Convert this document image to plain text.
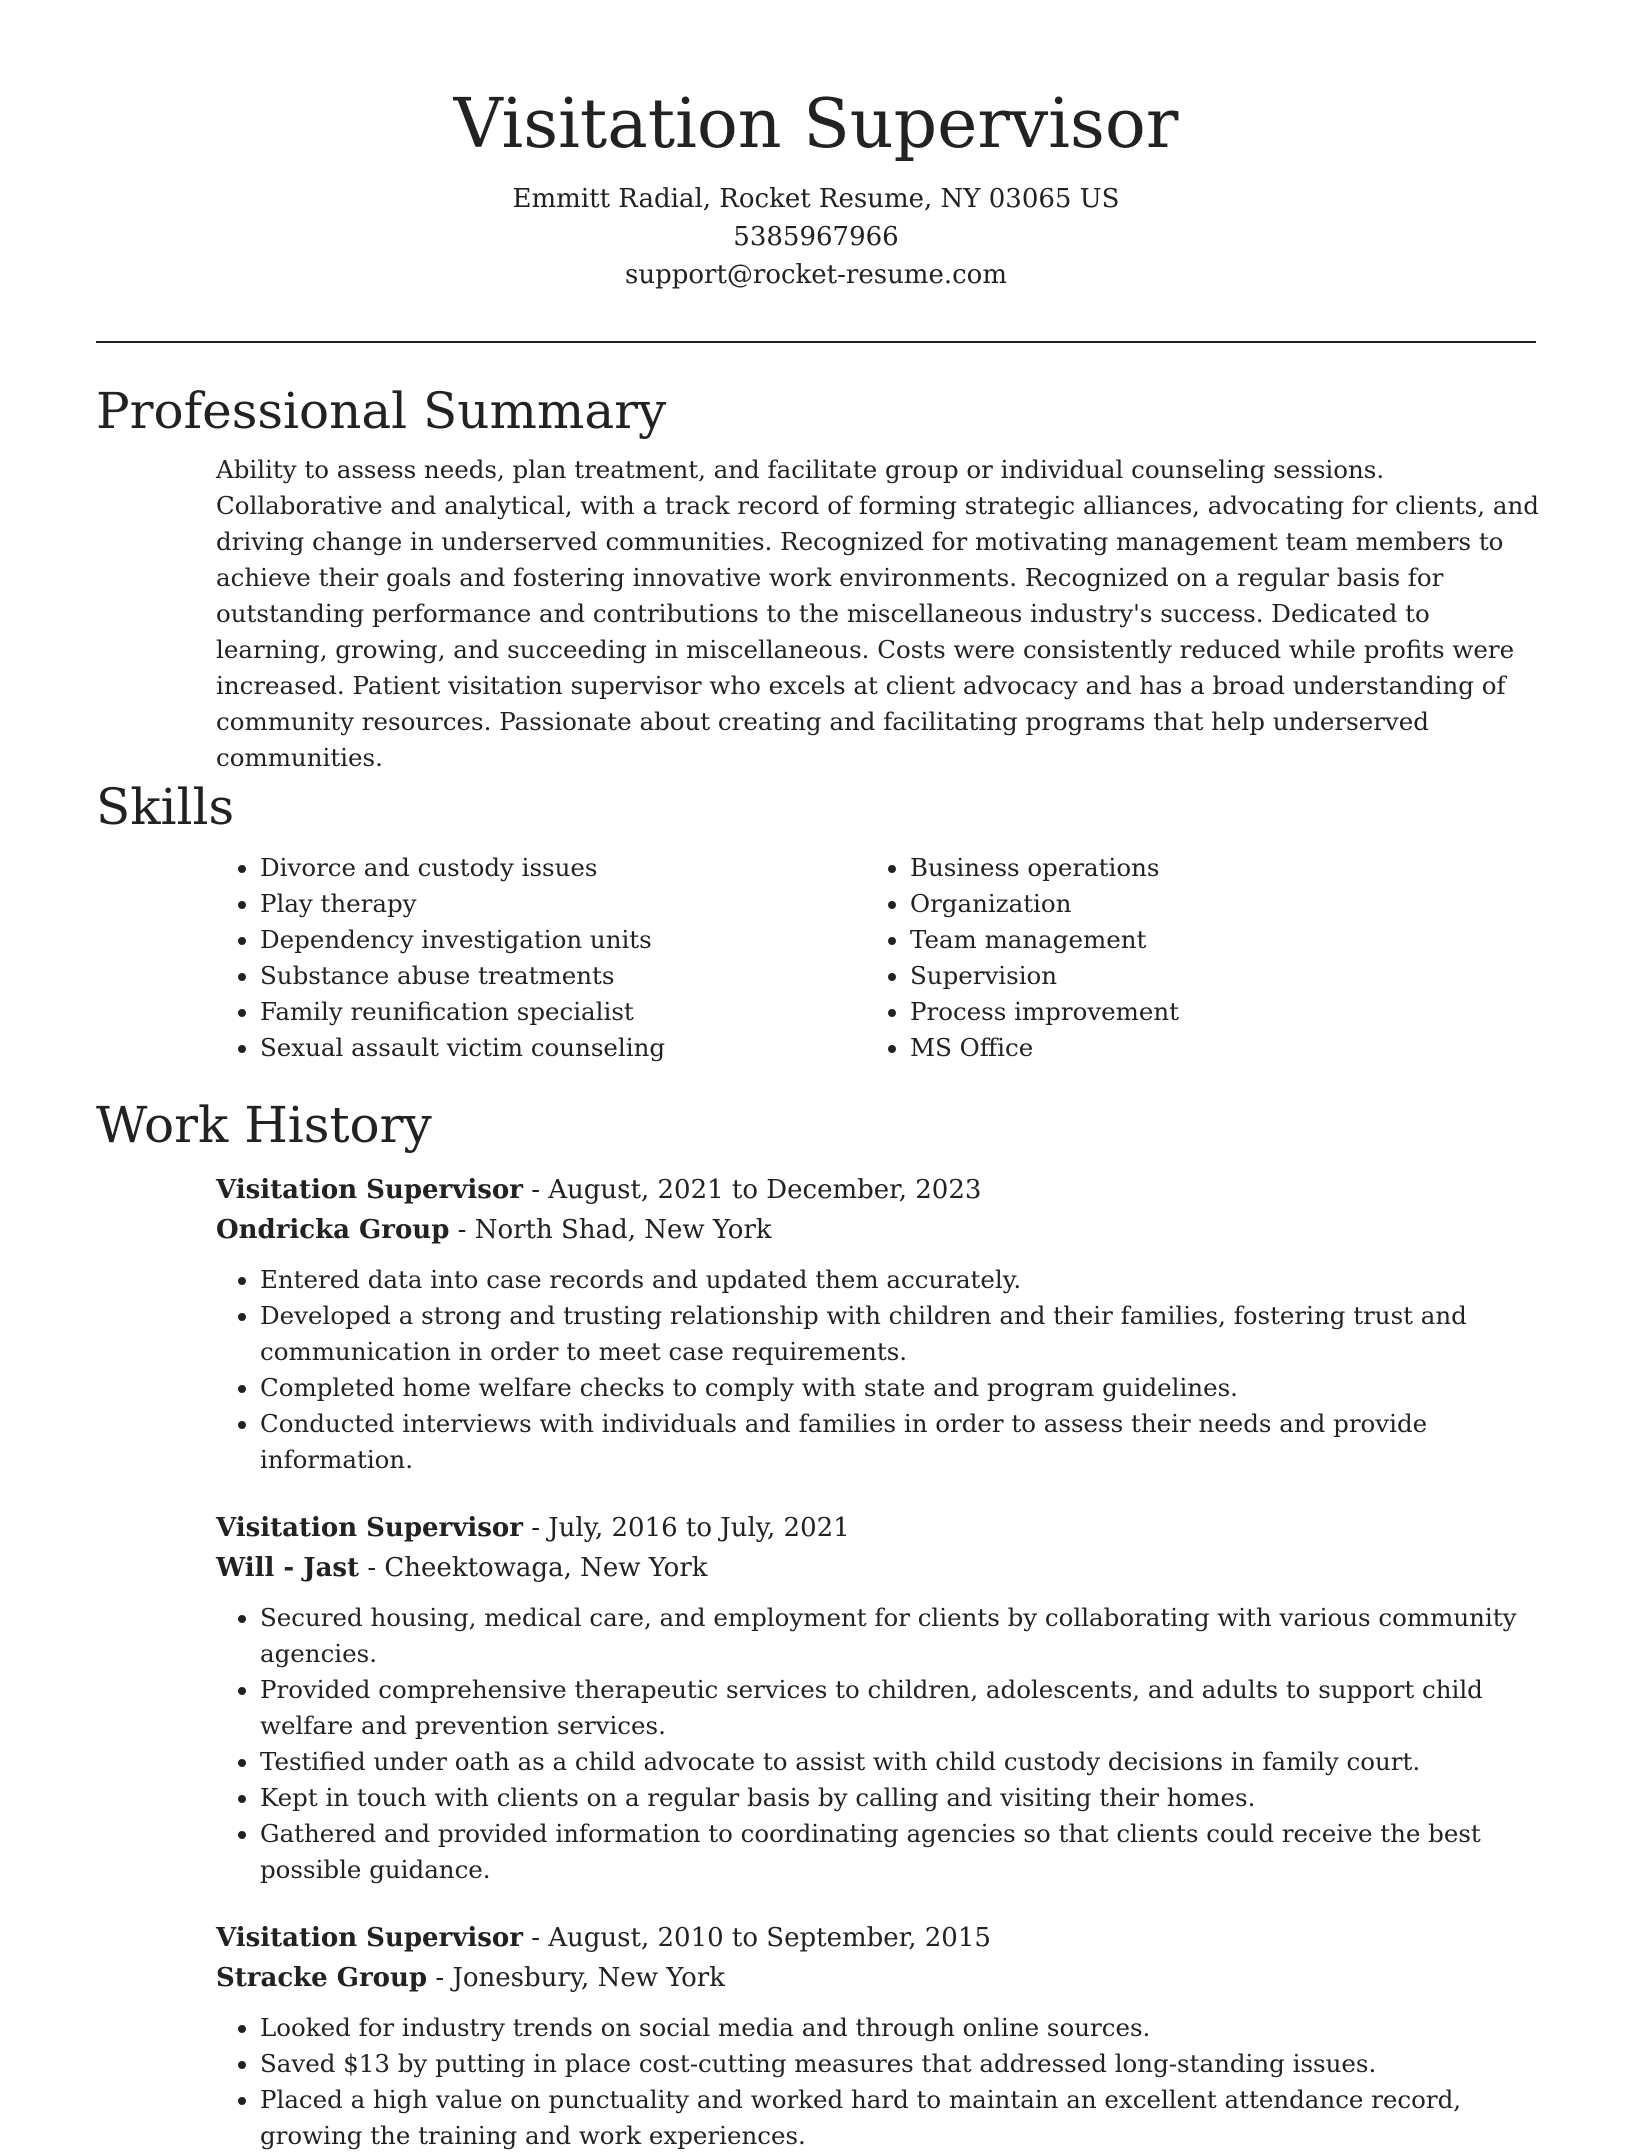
Visitation Supervisor
Emmitt Radial, Rocket Resume, NY 03065 US
5385967966
support@rocket-resume.com
Professional Summary

Ability to assess needs, plan treatment, and facilitate group or individual counseling sessions. Collaborative and analytical, with a track record of forming strategic alliances, advocating for clients, and driving change in underserved communities. Recognized for motivating management team members to achieve their goals and fostering innovative work environments. Recognized on a regular basis for outstanding performance and contributions to the miscellaneous industry's success. Dedicated to learning, growing, and succeeding in miscellaneous. Costs were consistently reduced while profits were increased. Patient visitation supervisor who excels at client advocacy and has a broad understanding of community resources. Passionate about creating and facilitating programs that help underserved communities.

Skills
• Divorce and custody issues
• Play therapy
• Dependency investigation units
• Substance abuse treatments
• Family reunification specialist
• Sexual assault victim counseling
• Business operations
• Organization
• Team management
• Supervision
• Process improvement
• MS Office
Work History
Visitation Supervisor - August, 2021 to December, 2023
Ondricka Group - North Shad, New York
• Entered data into case records and updated them accurately.
• Developed a strong and trusting relationship with children and their families, fostering trust and communication in order to meet case requirements.
• Completed home welfare checks to comply with state and program guidelines.
• Conducted interviews with individuals and families in order to assess their needs and provide information.
Visitation Supervisor - July, 2016 to July, 2021
Will - Jast - Cheektowaga, New York
• Secured housing, medical care, and employment for clients by collaborating with various community agencies.
• Provided comprehensive therapeutic services to children, adolescents, and adults to support child welfare and prevention services.
• Testified under oath as a child advocate to assist with child custody decisions in family court.
• Kept in touch with clients on a regular basis by calling and visiting their homes.
• Gathered and provided information to coordinating agencies so that clients could receive the best possible guidance.
Visitation Supervisor - August, 2010 to September, 2015
Stracke Group - Jonesbury, New York
• Looked for industry trends on social media and through online sources.
• Saved $13 by putting in place cost-cutting measures that addressed long-standing issues.
• Placed a high value on punctuality and worked hard to maintain an excellent attendance record, growing the training and work experiences.
